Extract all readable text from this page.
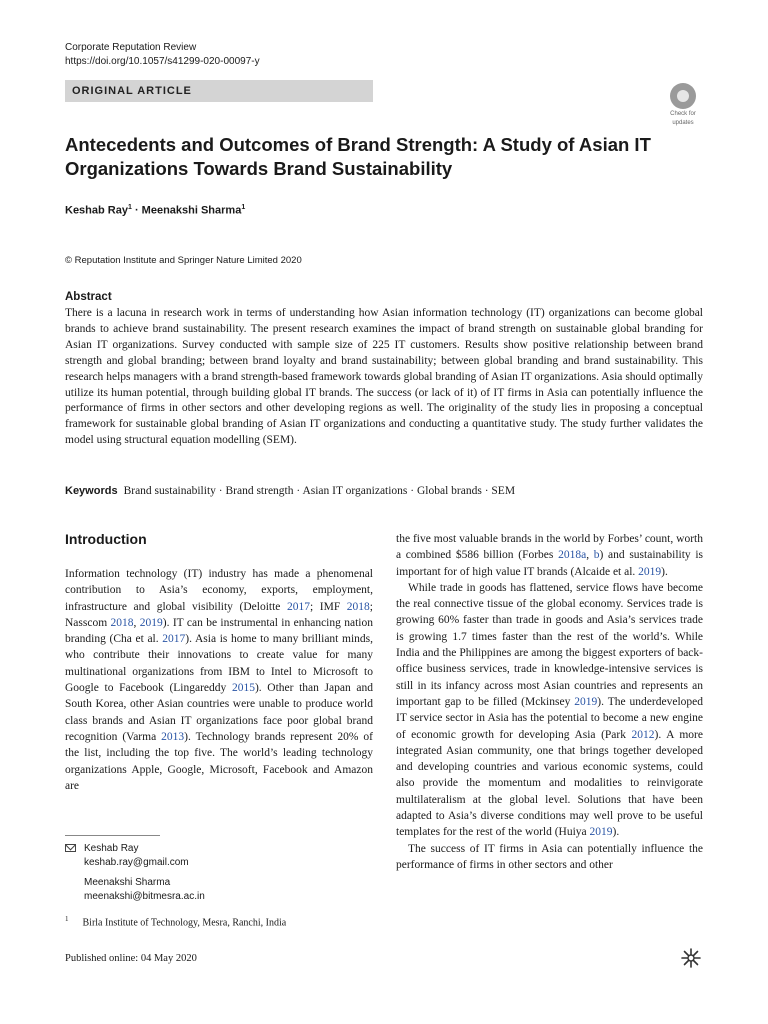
Corporate Reputation Review
https://doi.org/10.1057/s41299-020-00097-y
ORIGINAL ARTICLE
Check for
updates
Antecedents and Outcomes of Brand Strength: A Study of Asian IT Organizations Towards Brand Sustainability
Keshab Ray$^1$ · Meenakshi Sharma$^1$
© Reputation Institute and Springer Nature Limited 2020
Abstract

There is a lacuna in research work in terms of understanding how Asian information technology (IT) organizations can become global brands to achieve brand sustainability. The present research examines the impact of brand strength on sustainable global branding for Asian IT organizations. Survey conducted with sample size of 225 IT customers. Results show positive relationship between brand strength and global branding; between brand loyalty and brand sustainability; between global branding and brand sustainability. This research helps managers with a brand strength-based framework towards global branding of Asian IT organizations. Asia should optimally utilize its human potential, through building global IT brands. The success (or lack of it) of IT firms in Asia can potentially influence the performance of firms in other sectors and other developing regions as well. The originality of the study lies in proposing a conceptual framework for sustainable global branding of Asian IT organizations and conducting a quantitative study. The study further validates the model using structural equation modelling (SEM).

Keywords Brand sustainability · Brand strength · Asian IT organizations · Global brands · SEM
Introduction

Information technology (IT) industry has made a phenomenal contribution to Asia’s economy, exports, employment, infrastructure and global visibility (Deloitte 2017; IMF 2018; Nasscom 2018, 2019). IT can be instrumental in enhancing nation branding (Cha et al. 2017). Asia is home to many brilliant minds, who contribute their innovations to create value for many multinational organizations from IBM to Intel to Microsoft to Google to Facebook (Lingareddy 2015). Other than Japan and South Korea, other Asian countries were unable to produce world class brands and Asian IT organizations face poor global brand recognition (Varma 2013). Technology brands represent 20% of the list, including the top five. The world’s leading technology organizations Apple, Google, Microsoft, Facebook and Amazon are

the five most valuable brands in the world by Forbes’ count, worth a combined $586 billion (Forbes 2018a, b) and sustainability is important for of high value IT brands (Alcaide et al. 2019).

While trade in goods has flattened, service flows have become the real connective tissue of the global economy. Services trade is growing 60% faster than trade in goods and Asia’s services trade is growing 1.7 times faster than the rest of the world’s. While India and the Philippines are among the biggest exporters of back-office business services, trade in knowledge-intensive services is still in its infancy across most Asian countries and represents an important gap to be filled (Mckinsey 2019). The underdeveloped IT service sector in Asia has the potential to become a new engine of economic growth for developing Asia (Park 2012). A more integrated Asian community, one that brings together developed and developing countries and various economic systems, could also provide the momentum and modalities to reinvigorate multilateralism at the global level. Solutions that have been adapted to Asia’s diverse conditions may well prove to be useful templates for the rest of the world (Huiya 2019).

The success of IT firms in Asia can potentially influence the performance of firms in other sectors and other

Keshab Ray
keshab.ray@gmail.com
Meenakshi Sharma
meenakshi@bitmesra.ac.in
$^1$ Birla Institute of Technology, Mesra, Ranchi, India
Published online: 04 May 2020
